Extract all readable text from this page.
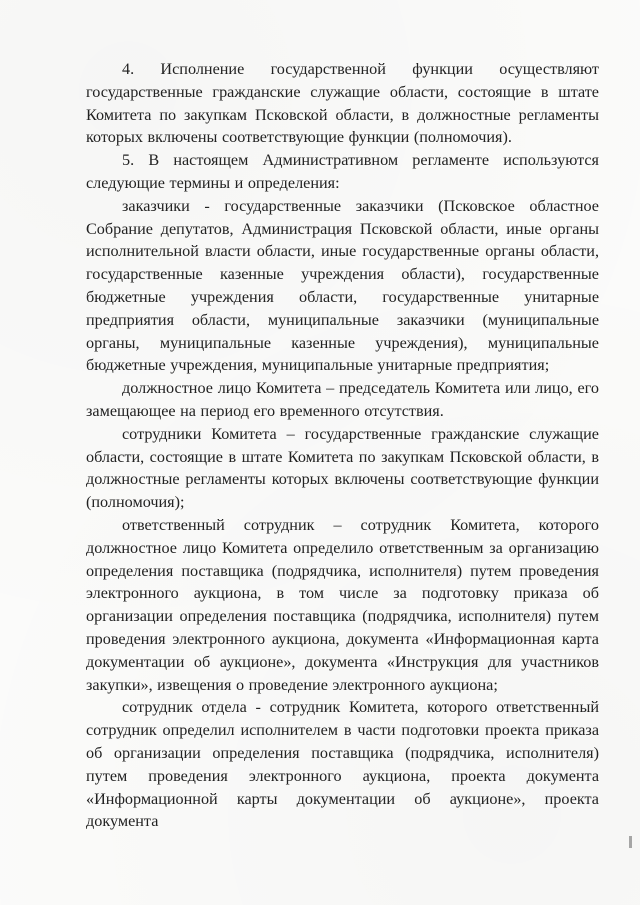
4. Исполнение государственной функции осуществляют государственные гражданские служащие области, состоящие в штате Комитета по закупкам Псковской области, в должностные регламенты которых включены соответствующие функции (полномочия).

5. В настоящем Административном регламенте используются следующие термины и определения:

заказчики - государственные заказчики (Псковское областное Собрание депутатов, Администрация Псковской области, иные органы исполнительной власти области, иные государственные органы области, государственные казенные учреждения области), государственные бюджетные учреждения области, государственные унитарные предприятия области, муниципальные заказчики (муниципальные органы, муниципальные казенные учреждения), муниципальные бюджетные учреждения, муниципальные унитарные предприятия;

должностное лицо Комитета – председатель Комитета или лицо, его замещающее на период его временного отсутствия.

сотрудники Комитета – государственные гражданские служащие области, состоящие в штате Комитета по закупкам Псковской области, в должностные регламенты которых включены соответствующие функции (полномочия);

ответственный сотрудник – сотрудник Комитета, которого должностное лицо Комитета определило ответственным за организацию определения поставщика (подрядчика, исполнителя) путем проведения электронного аукциона, в том числе за подготовку приказа об организации определения поставщика (подрядчика, исполнителя) путем проведения электронного аукциона, документа «Информационная карта документации об аукционе», документа «Инструкция для участников закупки», извещения о проведение электронного аукциона;

сотрудник отдела - сотрудник Комитета, которого ответственный сотрудник определил исполнителем в части подготовки проекта приказа об организации определения поставщика (подрядчика, исполнителя) путем проведения электронного аукциона, проекта документа «Информационной карты документации об аукционе», проекта документа
